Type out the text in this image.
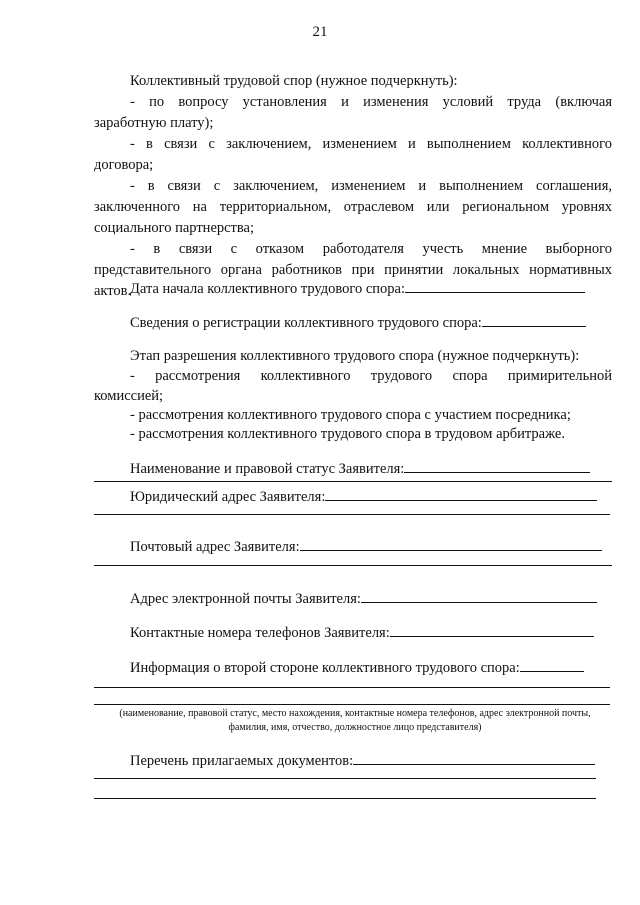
21
Коллективный трудовой спор (нужное подчеркнуть):
- по вопросу установления и изменения условий труда (включая
заработную плату);
- в связи с заключением, изменением и выполнением коллективного
договора;
- в связи с заключением, изменением и выполнением соглашения,
заключенного на территориальном, отраслевом или региональном уровнях
социального партнерства;
- в связи с отказом работодателя учесть мнение выборного
представительного органа работников при принятии локальных нормативных
актов.
Дата начала коллективного трудового спора:
Сведения о регистрации коллективного трудового спора:
Этап разрешения коллективного трудового спора (нужное подчеркнуть):
- рассмотрения коллективного трудового спора примирительной
комиссией;
- рассмотрения коллективного трудового спора с участием посредника;
- рассмотрения коллективного трудового спора в трудовом арбитраже.
Наименование и правовой статус Заявителя:
Юридический адрес Заявителя:
Почтовый адрес Заявителя:
Адрес электронной почты Заявителя:
Контактные номера телефонов Заявителя:
Информация о второй стороне коллективного трудового спора:
(наименование, правовой статус, место нахождения, контактные номера телефонов, адрес электронной почты,
фамилия, имя, отчество, должностное лицо представителя)
Перечень прилагаемых документов:
